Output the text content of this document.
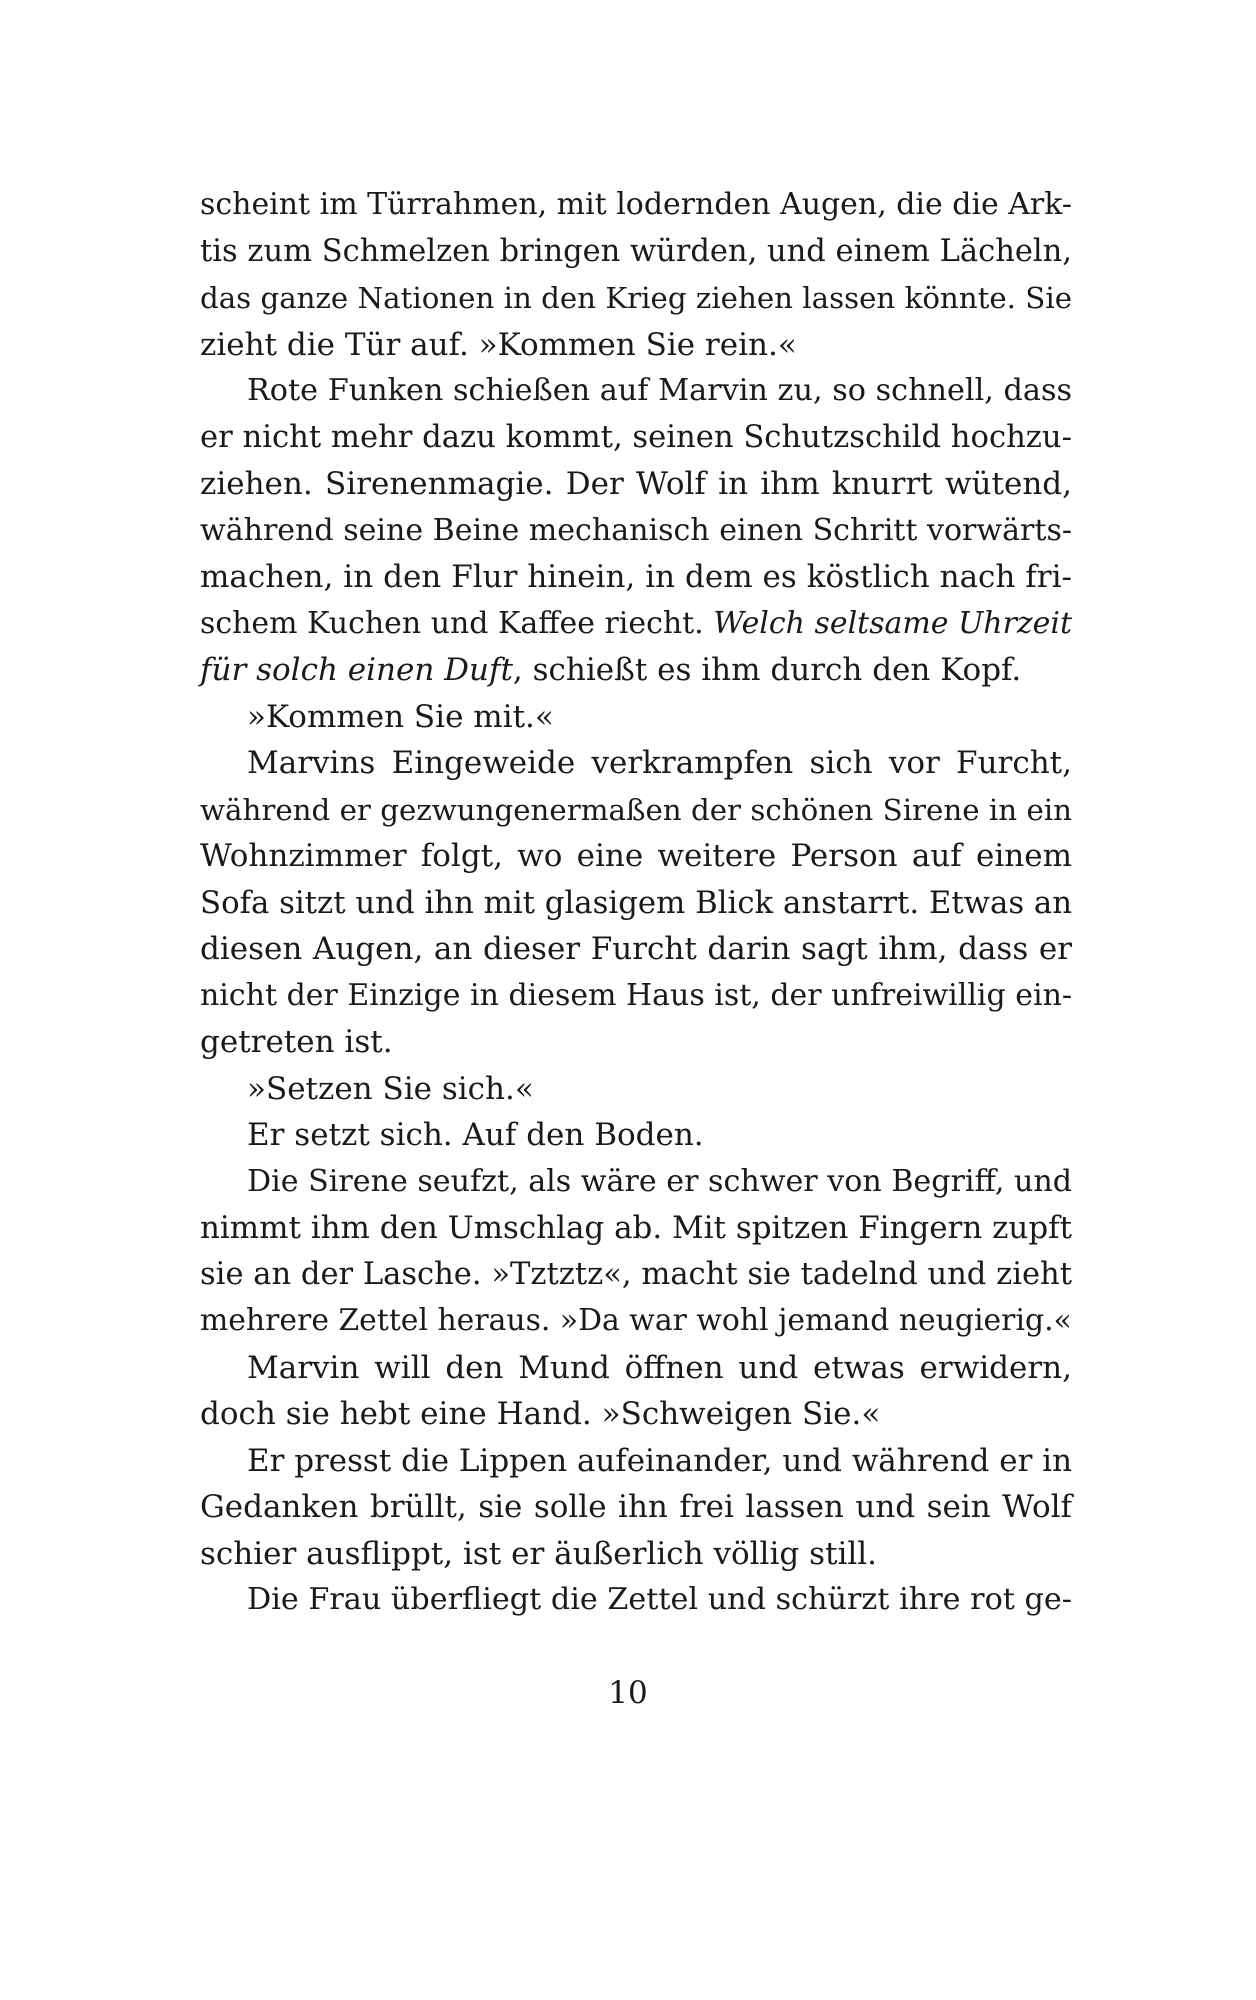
scheint im Türrahmen, mit lodernden Augen, die die Ark-
tis zum Schmelzen bringen würden, und einem Lächeln,
das ganze Nationen in den Krieg ziehen lassen könnte. Sie
zieht die Tür auf. »Kommen Sie rein.«
Rote Funken schießen auf Marvin zu, so schnell, dass
er nicht mehr dazu kommt, seinen Schutzschild hochzu-
ziehen. Sirenenmagie. Der Wolf in ihm knurrt wütend,
während seine Beine mechanisch einen Schritt vorwärts-
machen, in den Flur hinein, in dem es köstlich nach fri-
schem Kuchen und Kaffee riecht. Welch seltsame Uhrzeit
für solch einen Duft, schießt es ihm durch den Kopf.
»Kommen Sie mit.«
Marvins Eingeweide verkrampfen sich vor Furcht,
während er gezwungenermaßen der schönen Sirene in ein
Wohnzimmer folgt, wo eine weitere Person auf einem
Sofa sitzt und ihn mit glasigem Blick anstarrt. Etwas an
diesen Augen, an dieser Furcht darin sagt ihm, dass er
nicht der Einzige in diesem Haus ist, der unfreiwillig ein-
getreten ist.
»Setzen Sie sich.«
Er setzt sich. Auf den Boden.
Die Sirene seufzt, als wäre er schwer von Begriff, und
nimmt ihm den Umschlag ab. Mit spitzen Fingern zupft
sie an der Lasche. »Tztztz«, macht sie tadelnd und zieht
mehrere Zettel heraus. »Da war wohl jemand neugierig.«
Marvin will den Mund öffnen und etwas erwidern,
doch sie hebt eine Hand. »Schweigen Sie.«
Er presst die Lippen aufeinander, und während er in
Gedanken brüllt, sie solle ihn frei lassen und sein Wolf
schier ausflippt, ist er äußerlich völlig still.
Die Frau überfliegt die Zettel und schürzt ihre rot ge-
10
